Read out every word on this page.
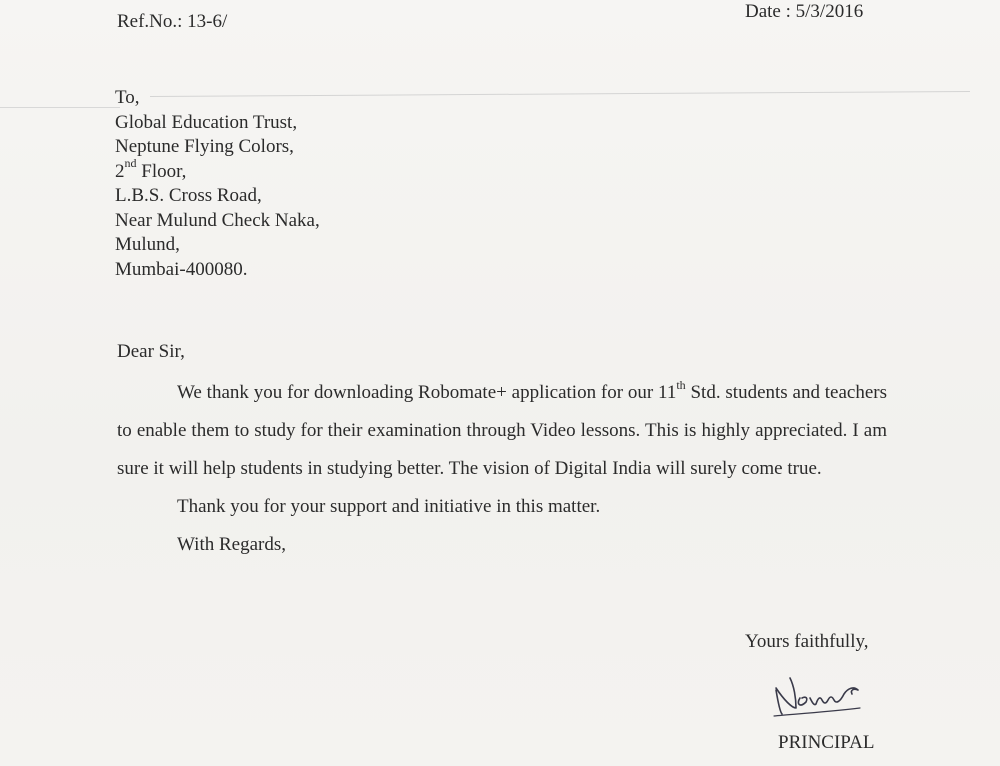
Ref.No.: 13-6/	Date : 5/3/2016
To,
Global Education Trust,
Neptune Flying Colors,
2nd Floor,
L.B.S. Cross Road,
Near Mulund Check Naka,
Mulund,
Mumbai-400080.
Dear Sir,
We thank you for downloading Robomate+ application for our 11th Std. students and teachers to enable them to study for their examination through Video lessons. This is highly appreciated. I am sure it will help students in studying better. The vision of Digital India will surely come true.
Thank you for your support and initiative in this matter.
With Regards,
Yours faithfully,
PRINCIPAL
